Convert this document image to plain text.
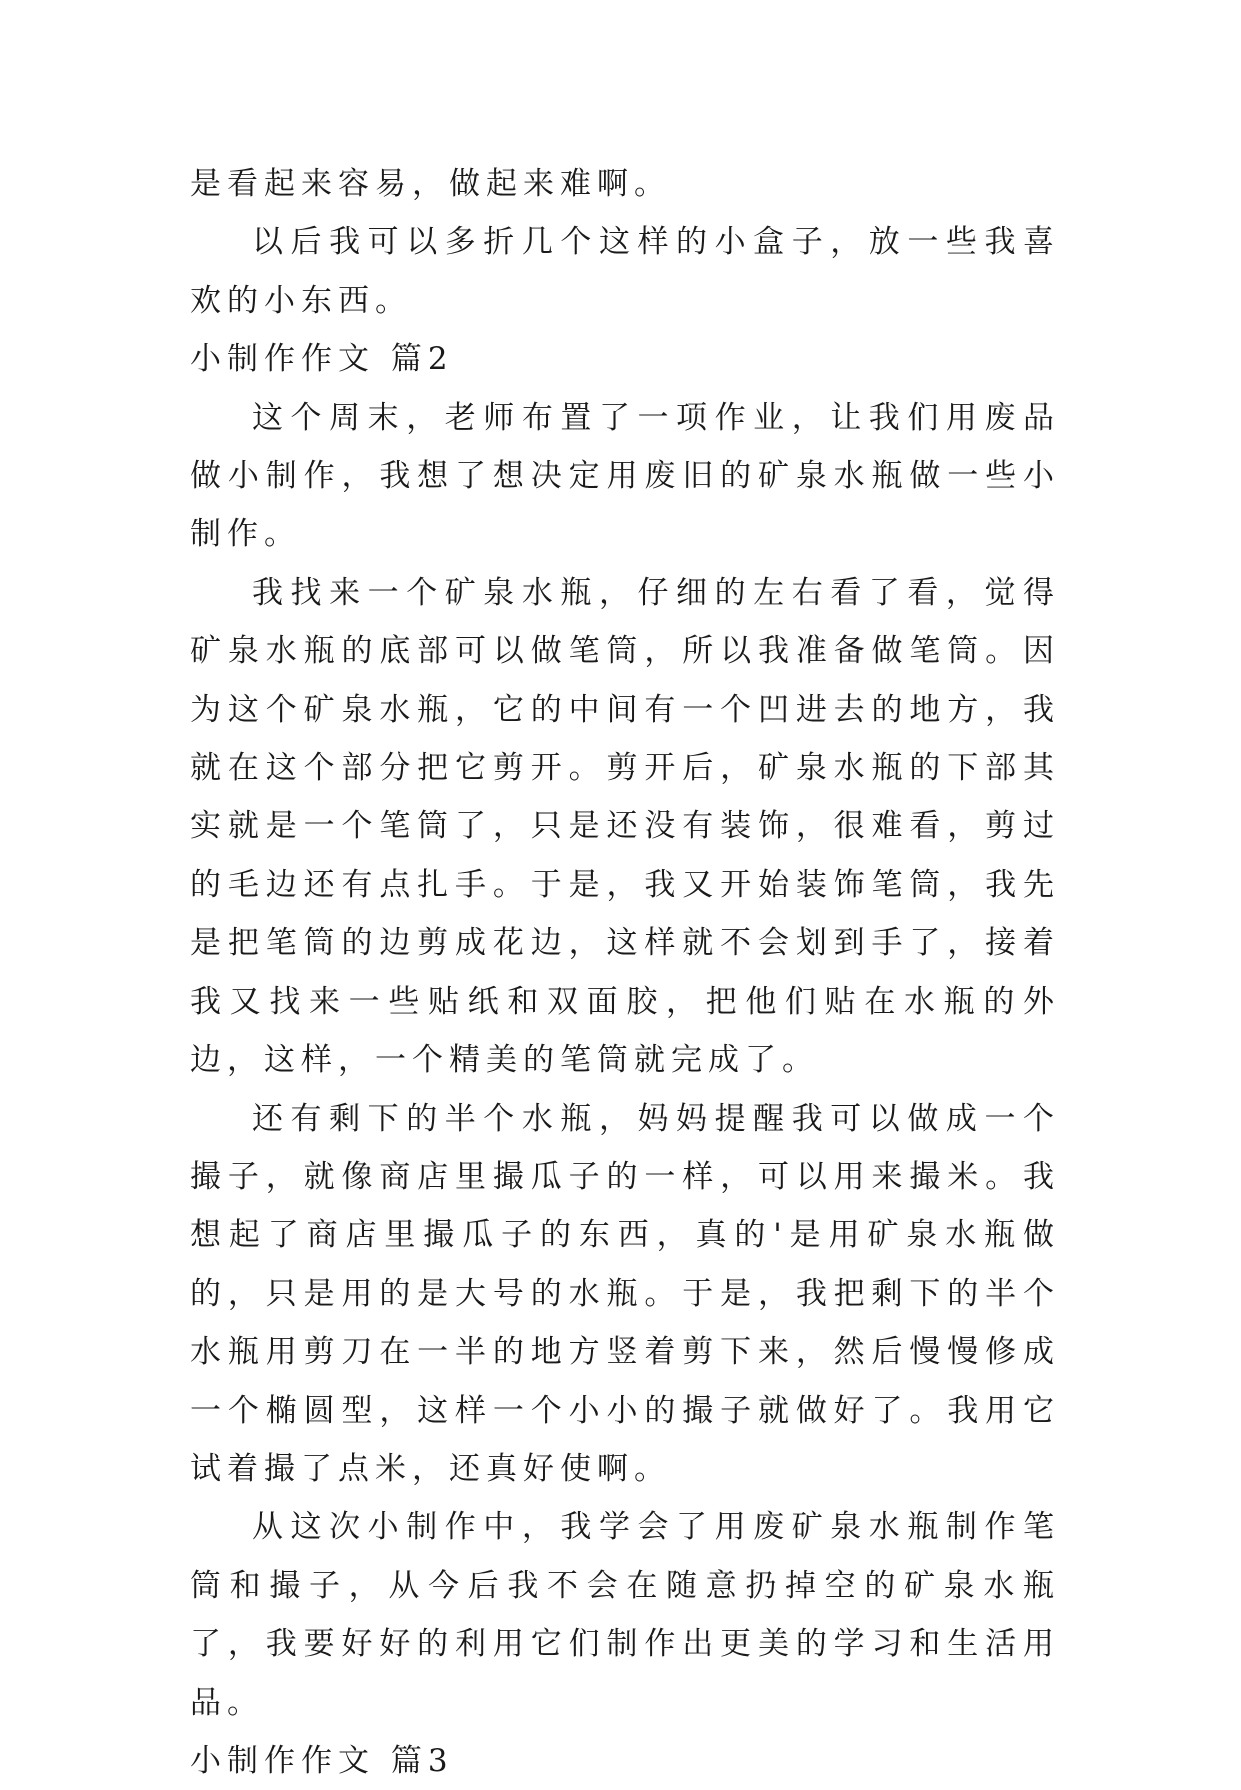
是看起来容易，做起来难啊。

以后我可以多折几个这样的小盒子，放一些我喜欢的小东西。

小制作作文 篇2

这个周末，老师布置了一项作业，让我们用废品做小制作，我想了想决定用废旧的矿泉水瓶做一些小制作。

我找来一个矿泉水瓶，仔细的左右看了看，觉得矿泉水瓶的底部可以做笔筒，所以我准备做笔筒。因为这个矿泉水瓶，它的中间有一个凹进去的地方，我就在这个部分把它剪开。剪开后，矿泉水瓶的下部其实就是一个笔筒了，只是还没有装饰，很难看，剪过的毛边还有点扎手。于是，我又开始装饰笔筒，我先是把笔筒的边剪成花边，这样就不会划到手了，接着我又找来一些贴纸和双面胶，把他们贴在水瓶的外边，这样，一个精美的笔筒就完成了。

还有剩下的半个水瓶，妈妈提醒我可以做成一个撮子，就像商店里撮瓜子的一样，可以用来撮米。我想起了商店里撮瓜子的东西，真的'是用矿泉水瓶做的，只是用的是大号的水瓶。于是，我把剩下的半个水瓶用剪刀在一半的地方竖着剪下来，然后慢慢修成一个椭圆型，这样一个小小的撮子就做好了。我用它试着撮了点米，还真好使啊。

从这次小制作中，我学会了用废矿泉水瓶制作笔筒和撮子，从今后我不会在随意扔掉空的矿泉水瓶了，我要好好的利用它们制作出更美的学习和生活用品。

小制作作文 篇3
